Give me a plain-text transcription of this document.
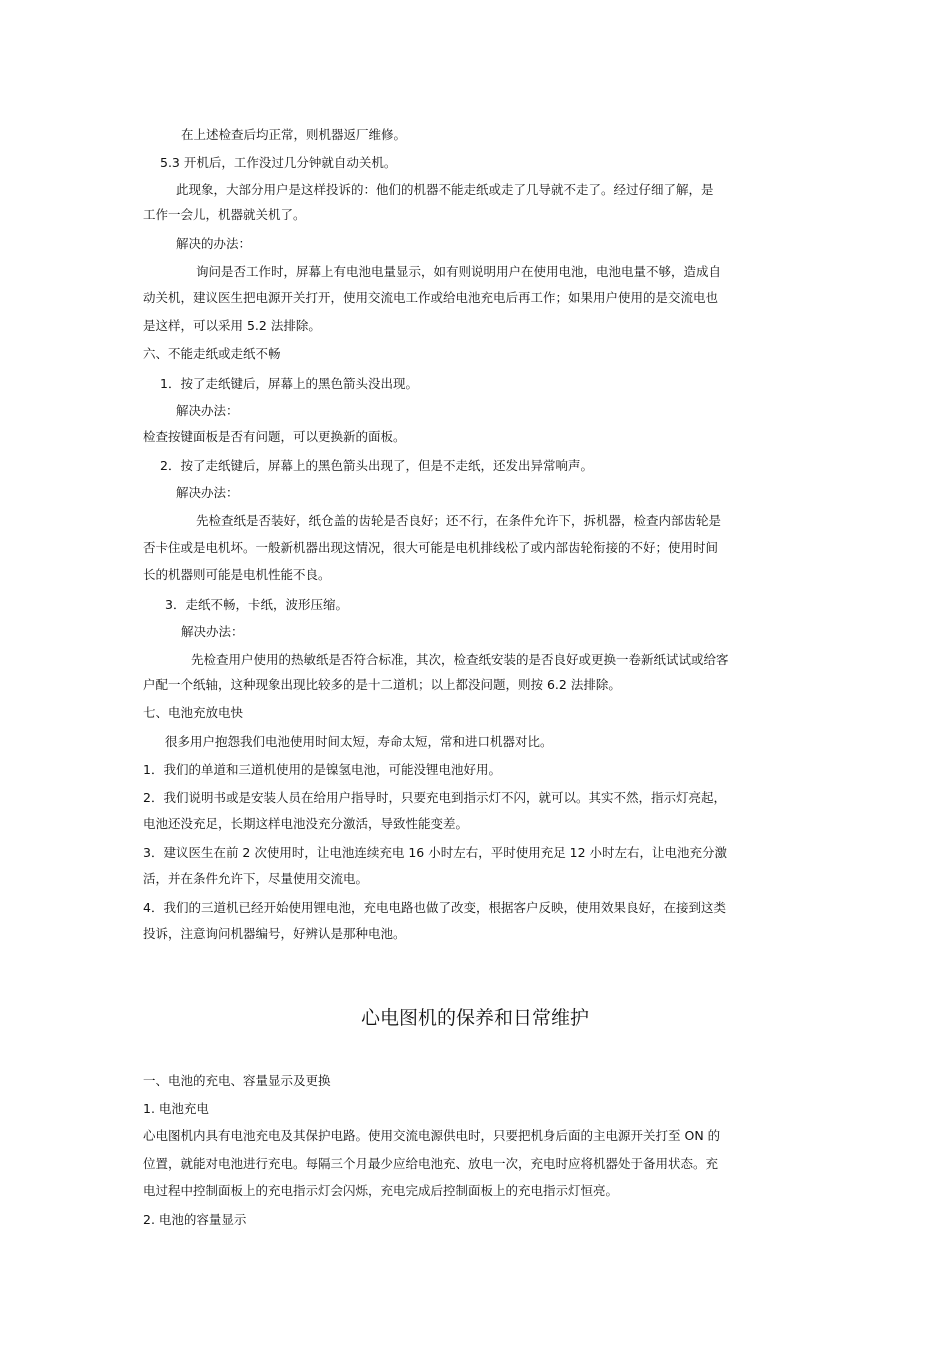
在上述检查后均正常，则机器返厂维修。
5.3 开机后，工作没过几分钟就自动关机。
此现象，大部分用户是这样投诉的：他们的机器不能走纸或走了几导就不走了。经过仔细了解，是
工作一会儿，机器就关机了。
解决的办法：
询问是否工作时，屏幕上有电池电量显示，如有则说明用户在使用电池，电池电量不够，造成自
动关机，建议医生把电源开关打开，使用交流电工作或给电池充电后再工作；如果用户使用的是交流电也
是这样，可以采用 5.2 法排除。
六、不能走纸或走纸不畅
1．按了走纸键后，屏幕上的黑色箭头没出现。
解决办法：
检查按键面板是否有问题，可以更换新的面板。
2．按了走纸键后，屏幕上的黑色箭头出现了，但是不走纸，还发出异常响声。
解决办法：
先检查纸是否装好，纸仓盖的齿轮是否良好；还不行，在条件允许下，拆机器，检查内部齿轮是
否卡住或是电机坏。一般新机器出现这情况，很大可能是电机排线松了或内部齿轮衔接的不好；使用时间
长的机器则可能是电机性能不良。
3．走纸不畅，卡纸，波形压缩。
解决办法：
先检查用户使用的热敏纸是否符合标准，其次，检查纸安装的是否良好或更换一卷新纸试试或给客
户配一个纸轴，这种现象出现比较多的是十二道机；以上都没问题，则按 6.2 法排除。
七、电池充放电快
很多用户抱怨我们电池使用时间太短，寿命太短，常和进口机器对比。
1．我们的单道和三道机使用的是镍氢电池，可能没锂电池好用。
2．我们说明书或是安装人员在给用户指导时，只要充电到指示灯不闪，就可以。其实不然，指示灯亮起，
电池还没充足，长期这样电池没充分激活，导致性能变差。
3．建议医生在前 2 次使用时，让电池连续充电 16 小时左右，平时使用充足 12 小时左右，让电池充分激
活，并在条件允许下，尽量使用交流电。
4．我们的三道机已经开始使用锂电池，充电电路也做了改变，根据客户反映，使用效果良好，在接到这类
投诉，注意询问机器编号，好辨认是那种电池。
心电图机的保养和日常维护
一、电池的充电、容量显示及更换
1. 电池充电
心电图机内具有电池充电及其保护电路。使用交流电源供电时，只要把机身后面的主电源开关打至 ON 的
位置，就能对电池进行充电。每隔三个月最少应给电池充、放电一次，充电时应将机器处于备用状态。充
电过程中控制面板上的充电指示灯会闪烁，充电完成后控制面板上的充电指示灯恒亮。
2. 电池的容量显示
